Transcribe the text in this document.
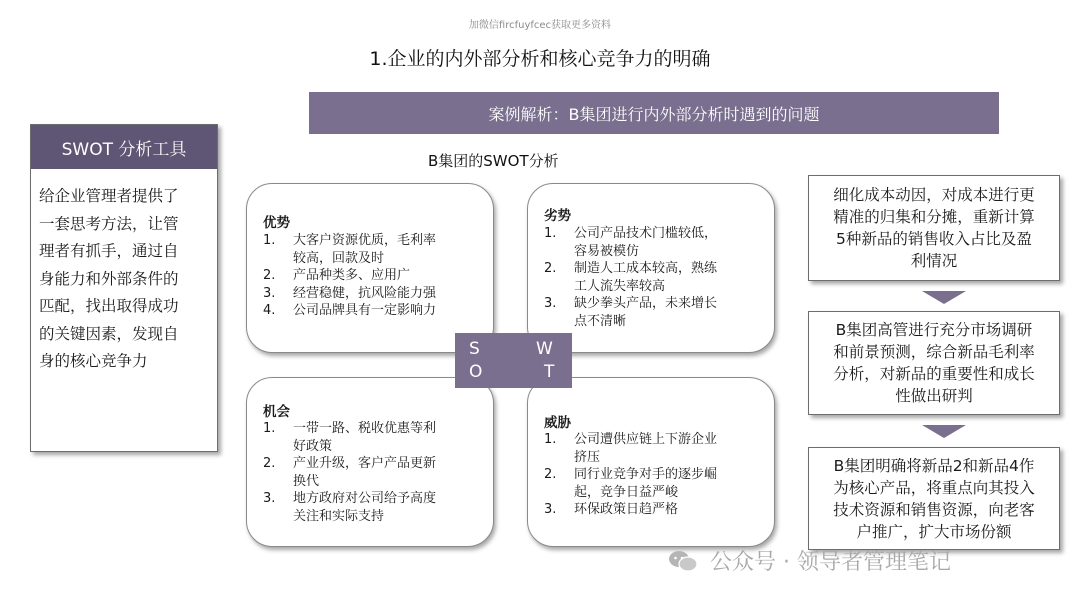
加微信fircfuyfcec获取更多资料
1.企业的内外部分析和核心竞争力的明确
案例解析：B集团进行内外部分析时遇到的问题
SWOT 分析工具
给企业管理者提供了
一套思考方法，让管
理者有抓手，通过自
身能力和外部条件的
匹配，找出取得成功
的关键因素，发现自
身的核心竞争力
B集团的SWOT分析
优势
1.	大客户资源优质，毛利率
较高，回款及时
2.	产品种类多、应用广
3.	经营稳健，抗风险能力强
4.	公司品牌具有一定影响力
劣势
1.	公司产品技术门槛较低，
容易被模仿
2.	制造人工成本较高，熟练
工人流失率较高
3.	缺少拳头产品，未来增长
点不清晰
机会
1.	一带一路、税收优惠等利
好政策
2.	产业升级，客户产品更新
换代
3.	地方政府对公司给予高度
关注和实际支持
威胁
1.	公司遭供应链上下游企业
挤压
2.	同行业竞争对手的逐步崛
起，竞争日益严峻
3.	环保政策日趋严格
S	W
O	T
细化成本动因，对成本进行更
精准的归集和分摊，重新计算
5种新品的销售收入占比及盈
利情况
B集团高管进行充分市场调研
和前景预测，综合新品毛利率
分析，对新品的重要性和成长
性做出研判
B集团明确将新品2和新品4作
为核心产品，将重点向其投入
技术资源和销售资源，向老客
户推广，扩大市场份额
公众号 · 领导者管理笔记
